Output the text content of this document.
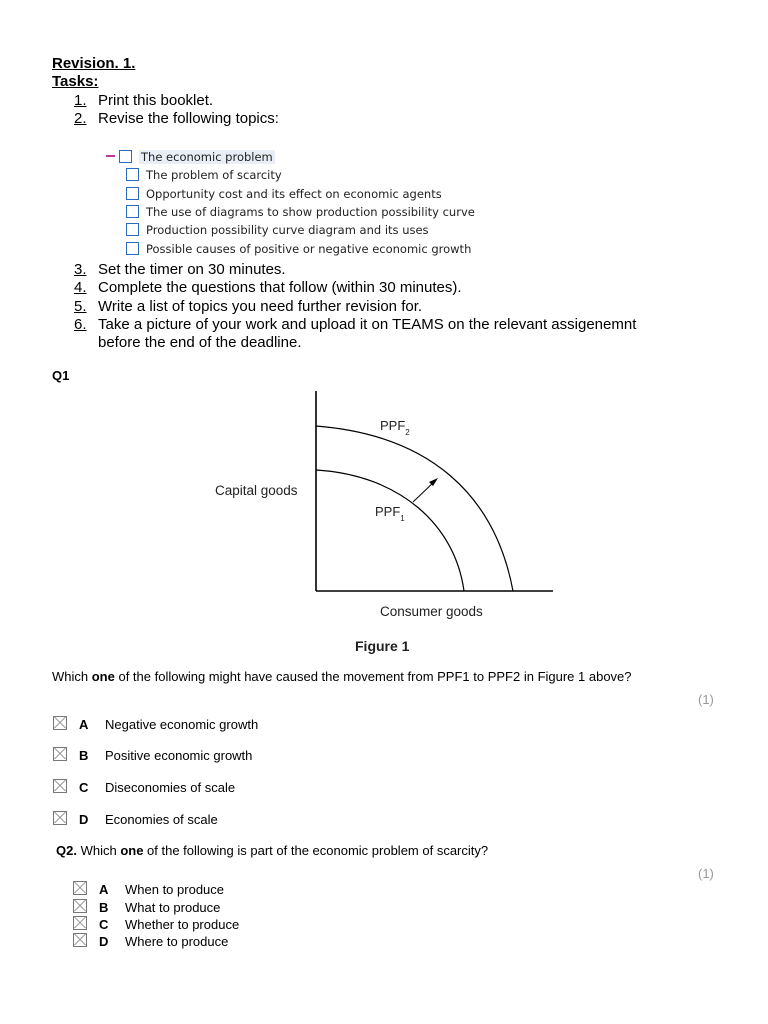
Revision. 1.
Tasks:
1. Print this booklet.
2. Revise the following topics:
The economic problem
The problem of scarcity
Opportunity cost and its effect on economic agents
The use of diagrams to show production possibility curve
Production possibility curve diagram and its uses
Possible causes of positive or negative economic growth
3. Set the timer on 30 minutes.
4. Complete the questions that follow (within 30 minutes).
5. Write a list of topics you need further revision for.
6. Take a picture of your work and upload it on TEAMS on the relevant assigenemnt
before the end of the deadline.
Q1
$PPF_2$
$PPF_1$
Capital goods
Consumer goods
Figure 1
Which one of the following might have caused the movement from PPF1 to PPF2 in Figure 1 above?
(1)
A Negative economic growth
B Positive economic growth
C Diseconomies of scale
D Economies of scale
Q2. Which one of the following is part of the economic problem of scarcity?
(1)
A When to produce
B What to produce
C Whether to produce
D Where to produce
